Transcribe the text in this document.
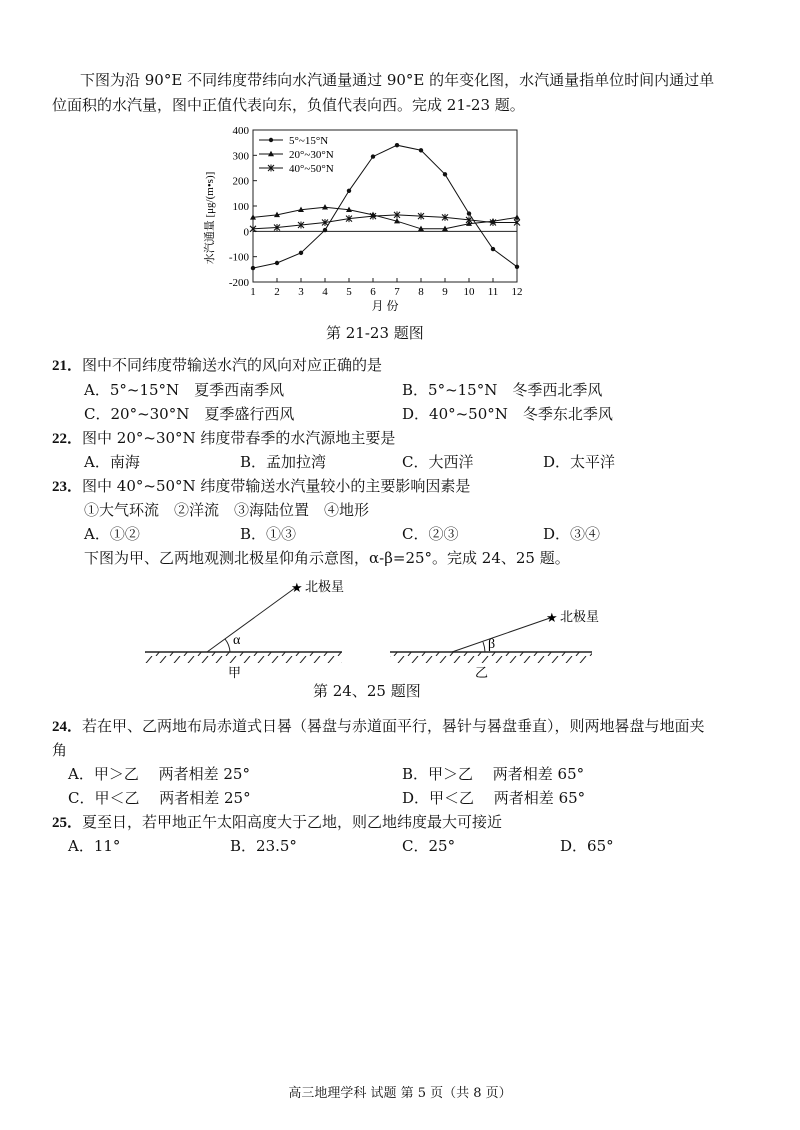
下图为沿 90°E 不同纬度带纬向水汽通量通过 90°E 的年变化图，水汽通量指单位时间内通过单
位面积的水汽量，图中正值代表向东，负值代表向西。完成 21-23 题。
-200
-100
0
100
200
300
400
1 2 3 4 5 6 7 8 9 10 11 12
5°~15°N
20°~30°N
40°~50°N
水汽通量 [μg/(m•s)]
月 份
第 21-23 题图
21．图中不同纬度带输送水汽的风向对应正确的是
A．5°~15°N　夏季西南季风	B．5°~15°N　冬季西北季风
C．20°~30°N　夏季盛行西风	D．40°~50°N　冬季东北季风
22．图中 20°~30°N 纬度带春季的水汽源地主要是
A．南海	B．孟加拉湾	C．大西洋	D．太平洋
23．图中 40°~50°N 纬度带输送水汽量较小的主要影响因素是
①大气环流　②洋流　③海陆位置　④地形
A．①②	B．①③	C．②③	D．③④
下图为甲、乙两地观测北极星仰角示意图，α-β=25°。完成 24、25 题。
α
★ 北极星
甲
β
★ 北极星
乙
第 24、25 题图
24．若在甲、乙两地布局赤道式日晷（晷盘与赤道面平行，晷针与晷盘垂直），则两地晷盘与地面夹
角
A．甲＞乙　 两者相差 25°	B．甲＞乙　 两者相差 65°
C．甲＜乙　 两者相差 25°	D．甲＜乙　 两者相差 65°
25．夏至日，若甲地正午太阳高度大于乙地，则乙地纬度最大可接近
A．11°	B．23.5°	C．25°	D．65°
高三地理学科 试题 第 5 页（共 8 页）
